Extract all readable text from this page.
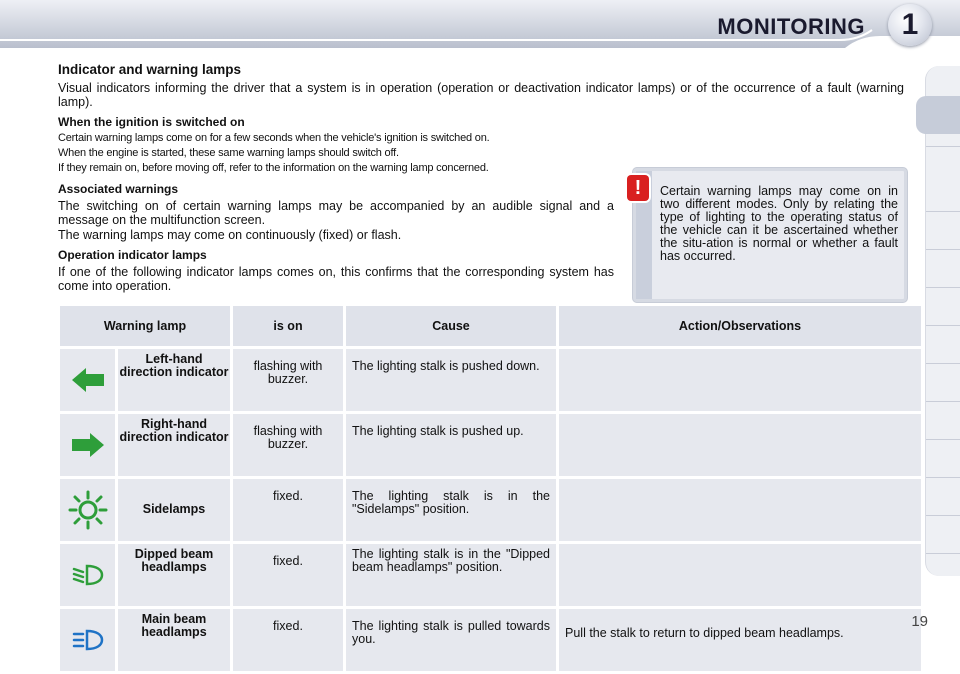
MONITORING	1
Indicator and warning lamps
Visual indicators informing the driver that a system is in operation (operation or deactivation indicator lamps) or of the occurrence of a fault (warning lamp).
When the ignition is switched on
Certain warning lamps come on for a few seconds when the vehicle's ignition is switched on.
When the engine is started, these same warning lamps should switch off.
If they remain on, before moving off, refer to the information on the warning lamp concerned.
Associated warnings
The switching on of certain warning lamps may be accompanied by an audible signal and a message on the multifunction screen.
The warning lamps may come on continuously (fixed) or flash.
Operation indicator lamps
If one of the following indicator lamps comes on, this confirms that the corresponding system has come into operation.
Certain warning lamps may come on in two different modes. Only by relating the type of lighting to the operating status of the vehicle can it be ascertained whether the situ-ation is normal or whether a fault has occurred.
!
Warning lamp		is on	Cause	Action/Observations

	Left-hand direction indicator	flashing with buzzer.	The lighting stalk is pushed down.	

	Right-hand direction indicator	flashing with buzzer.	The lighting stalk is pushed up.	

	Sidelamps	fixed.	The lighting stalk is in the "Sidelamps" position.	

	Dipped beam headlamps	fixed.	The lighting stalk is in the "Dipped beam headlamps" position.	

	Main beam headlamps	fixed.	The lighting stalk is pulled towards you.	Pull the stalk to return to dipped beam headlamps.
19
